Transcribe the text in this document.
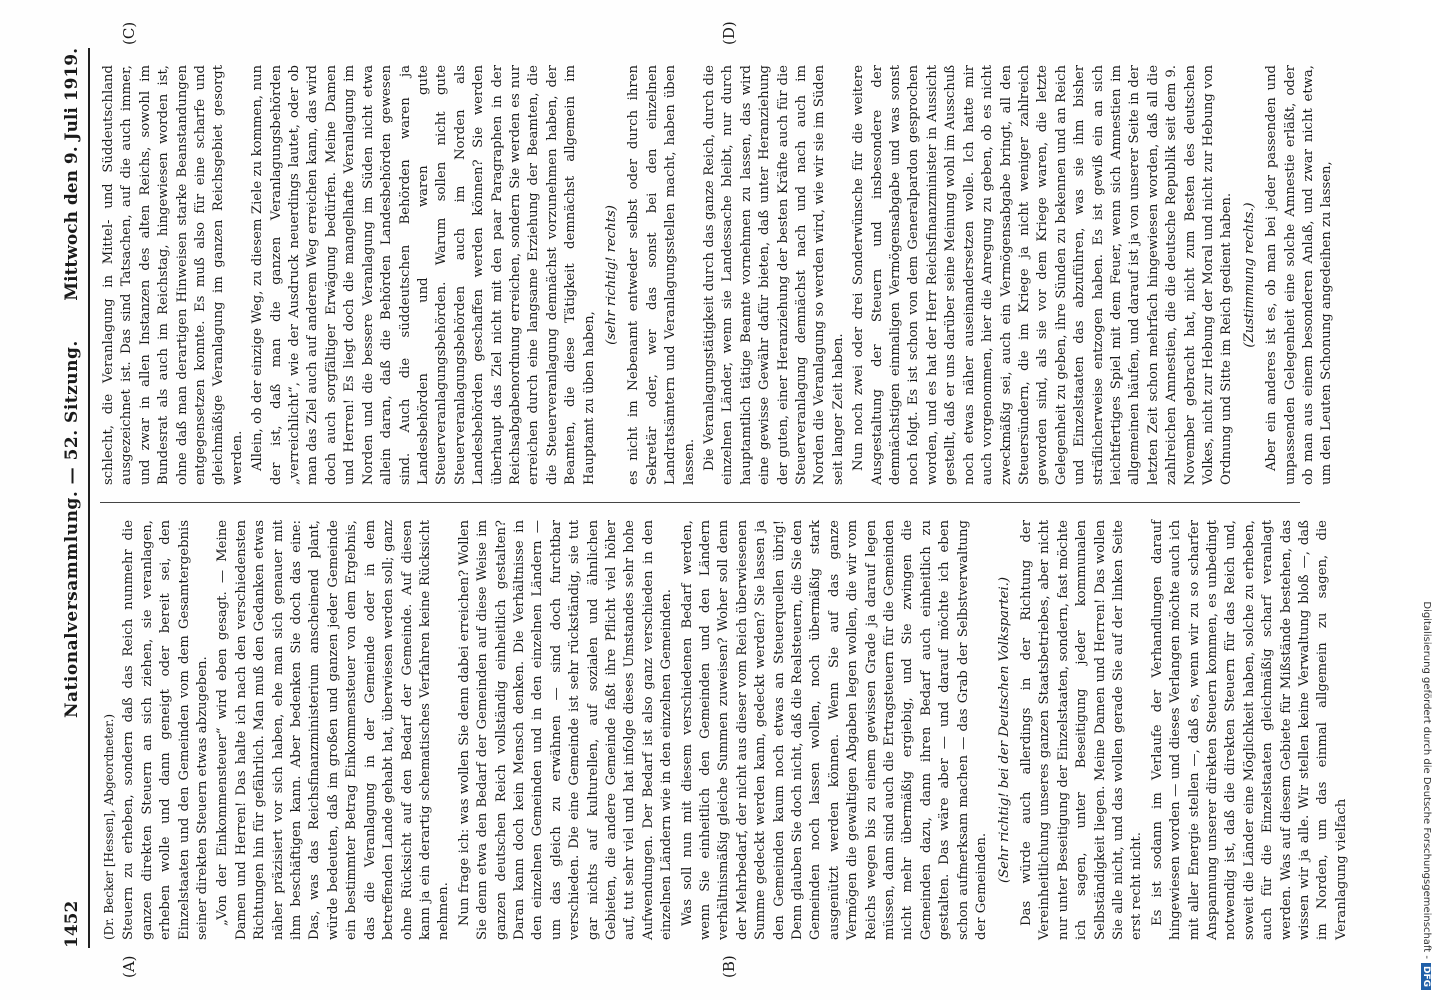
1452
Nationalversammlung. — 52. Sitzung.
Mittwoch den 9. Juli 1919.
(A)	(B)
(C)	(D)

(Dr. Becker [Hessen], Abgeordneter.) Steuern zu erheben, sondern daß das Reich nunmehr die ganzen direkten Steuern an sich ziehen, sie veranlagen, erheben wolle und dann geneigt oder bereit sei, den Einzelstaaten und den Gemeinden vom dem Gesamtergebnis seiner direkten Steuern etwas abzugeben. „Von der Einkommensteuer“ wird eben gesagt. — Meine Damen und Herren! Das halte ich nach den verschiedensten Richtungen hin für gefährlich. Man muß den Gedanken etwas näher präzisiert vor sich haben, ehe man sich genauer mit ihm beschäftigen kann. Aber bedenken Sie doch das eine: Das, was das Reichsfinanzministerium anscheinend plant, würde bedeuten, daß im großen und ganzen jeder Gemeinde ein bestimmter Betrag Einkommensteuer von dem Ergebnis, das die Veranlagung in der Gemeinde oder in dem betreffenden Lande gehabt hat, überwiesen werden soll; ganz ohne Rücksicht auf den Bedarf der Gemeinde. Auf diesen kann ja ein derartig schematisches Verfahren keine Rücksicht nehmen. Nun frage ich: was wollen Sie denn dabei erreichen? Wollen Sie denn etwa den Bedarf der Gemeinden auf diese Weise im ganzen deutschen Reich vollständig einheitlich gestalten? Daran kann doch kein Mensch denken. Die Verhältnisse in den einzelnen Gemeinden und in den einzelnen Ländern — um das gleich zu erwähnen — sind doch furchtbar verschieden. Die eine Gemeinde ist sehr rückständig, sie tut gar nichts auf kulturellen, auf sozialen und ähnlichen Gebieten, die andere Gemeinde faßt ihre Pflicht viel höher auf, tut sehr viel und hat infolge dieses Umstandes sehr hohe Aufwendungen. Der Bedarf ist also ganz verschieden in den einzelnen Ländern wie in den einzelnen Gemeinden. Was soll nun mit diesem verschiedenen Bedarf werden, wenn Sie einheitlich den Gemeinden und den Ländern verhältnismäßig gleiche Summen zuweisen? Woher soll denn der Mehrbedarf, der nicht aus dieser vom Reich überwiesenen Summe gedeckt werden kann, gedeckt werden? Sie lassen ja den Gemeinden kaum noch etwas an Steuerquellen übrig! Denn glauben Sie doch nicht, daß die Realsteuern, die Sie den Gemeinden noch lassen wollen, noch übermäßig stark ausgenützt werden können. Wenn Sie auf das ganze Vermögen die gewaltigen Abgaben legen wollen, die wir vom Reichs wegen bis zu einem gewissen Grade ja darauf legen müssen, dann sind auch die Ertragsteuern für die Gemeinden nicht mehr übermäßig ergiebig, und Sie zwingen die Gemeinden dazu, dann ihren Bedarf auch einheitlich zu gestalten. Das wäre aber — und darauf möchte ich eben schon aufmerksam machen — das Grab der Selbstverwaltung der Gemeinden.

(Sehr richtig! bei der Deutschen Volkspartei.) Das würde auch allerdings in der Richtung der Vereinheitlichung unseres ganzen Staatsbetriebes, aber nicht nur unter Beseitigung der Einzelstaaten, sondern, fast möchte ich sagen, unter Beseitigung jeder kommunalen Selbständigkeit liegen. Meine Damen und Herren! Das wollen Sie alle nicht, und das wollen gerade Sie auf der linken Seite erst recht nicht. Es ist sodann im Verlaufe der Verhandlungen darauf hingewiesen worden — und dieses Verlangen möchte auch ich mit aller Energie stellen —, daß es, wenn wir zu so scharfer Anspannung unserer direkten Steuern kommen, es unbedingt notwendig ist, daß die direkten Steuern für das Reich und, soweit die Länder eine Möglichkeit haben, solche zu erheben, auch für die Einzelstaaten gleichmäßig scharf veranlagt werden. Was auf diesem Gebiete für Mißstände bestehen, das wissen wir ja alle. Wir stellen keine Verwaltung bloß —, daß im Norden, um das einmal allgemein zu sagen, die Veranlagung vielfach

schlecht, die Veranlagung in Mittel- und Süddeutschland ausgezeichnet ist. Das sind Tatsachen, auf die auch immer, und zwar in allen Instanzen des alten Reichs, sowohl im Bundesrat als auch im Reichstag, hingewiesen worden ist, ohne daß man derartigen Hinweisen starke Beanstandungen entgegensetzen konnte. Es muß also für eine scharfe und gleichmäßige Veranlagung im ganzen Reichsgebiet gesorgt werden. Allein, ob der einzige Weg, zu diesem Ziele zu kommen, nun der ist, daß man die ganzen Veranlagungsbehörden „verreichlicht“, wie der Ausdruck neuerdings lautet, oder ob man das Ziel auch auf anderem Weg erreichen kann, das wird doch auch sorgfältiger Erwägung bedürfen. Meine Damen und Herren! Es liegt doch die mangelhafte Veranlagung im Norden und die bessere Veranlagung im Süden nicht etwa allein daran, daß die Behörden Landesbehörden gewesen sind. Auch die süddeutschen Behörden waren ja Landesbehörden und waren gute Steuerveranlagungsbehörden. Warum sollen nicht gute Steuerveranlagungsbehörden auch im Norden als Landesbehörden geschaffen werden können? Sie werden überhaupt das Ziel nicht mit den paar Paragraphen in der Reichsabgabenordnung erreichen, sondern Sie werden es nur erreichen durch eine langsame Erziehung der Beamten, die die Steuerveranlagung demnächst vorzunehmen haben, der Beamten, die diese Tätigkeit demnächst allgemein im Hauptamt zu üben haben,

(sehr richtig! rechts) es nicht im Nebenamt entweder selbst oder durch ihren Sekretär oder, wer das sonst bei den einzelnen Landratsämtern und Veranlagungsstellen macht, haben üben lassen. Die Veranlagungstätigkeit durch das ganze Reich, durch die einzelnen Länder, wenn sie Landessache bleibt, nur durch hauptamtlich tätige Beamte vornehmen zu lassen, das wird eine gewisse Gewähr dafür bieten, daß unter Heranziehung der guten, einer Heranziehung der besten Kräfte auch für die Steuerveranlagung demnächst nach und nach auch im Norden die Veranlagung so werden wird, wie wir sie im Süden seit langer Zeit haben. Nun noch zwei oder drei Sonderwünsche für die weitere Ausgestaltung der Steuern und insbesondere der demnächstigen einmaligen Vermögensabgabe und was sonst noch folgt. Es ist schon von dem Generalpardon gesprochen worden, und es hat der Herr Reichsfinanzminister in Aussicht gestellt, daß er uns darüber seine Meinung wohl im Ausschuß noch etwas näher auseinandersetzen wolle. Ich hatte mir auch vorgenommen, hier die Anregung zu geben, ob es nicht zweckmäßig sei, auch ein Vermögensabgabe bringt, all den Steuersündern, die im Kriege ja nicht weniger zahlreich geworden sind, als sie vor dem Kriege waren, die letzte Gelegenheit zu geben, ihre Sünden zu bekennen und an Reich und Einzelstaaten das abzuführen, was sie ihm bisher sträflicherweise entzogen haben. Es ist gewiß ein an sich leichtfertiges Spiel mit dem Feuer, wenn sich Amnestien im allgemeinen häufen, und darauf ist ja von unserer Seite in der letzten Zeit schon mehrfach hingewiesen worden, daß all die zahlreichen Amnestien, die die deutsche Republik seit dem 9. November gebracht hat, nicht zum Besten des deutschen Volkes, nicht zur Hebung der Moral und nicht zur Hebung von Ordnung und Sitte im Reich gedient haben. (Zustimmung rechts.) Aber ein anderes ist es, ob man bei jeder passenden und unpassenden Gelegenheit eine solche Amnestie erläßt, oder ob man aus einem besonderen Anlaß, und zwar nicht etwa, um den Leuten Schonung angedeihen zu lassen,

Digitalisierung gefördert durch die Deutsche Forschungsgemeinschaft -DFG
